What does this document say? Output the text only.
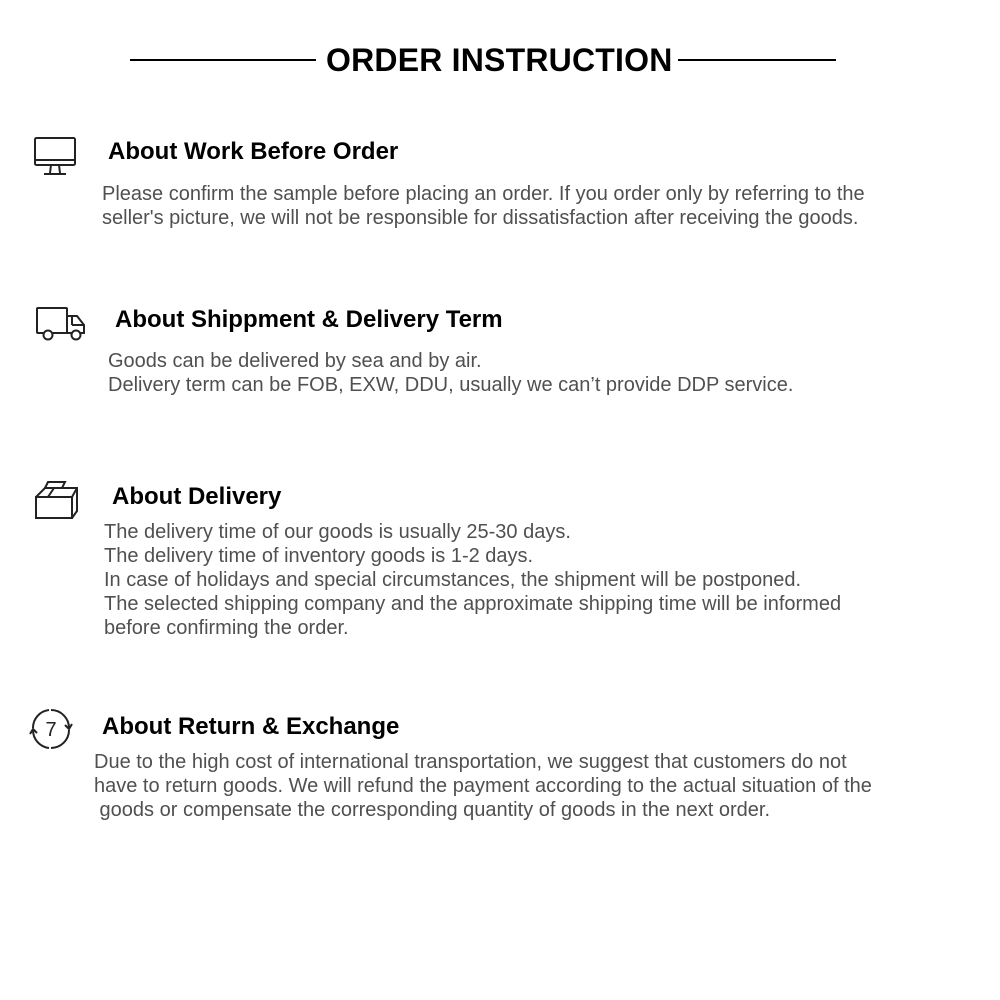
ORDER INSTRUCTION
About Work Before Order
Please confirm the sample before placing an order. If you order only by referring to the
seller's picture, we will not be responsible for dissatisfaction after receiving the goods.
About Shippment & Delivery Term
Goods can be delivered by sea and by air.
Delivery term can be FOB, EXW, DDU, usually we can’t provide DDP service.
About Delivery
The delivery time of our goods is usually 25-30 days.
The delivery time of inventory goods is 1-2 days.
In case of holidays and special circumstances, the shipment will be postponed.
The selected shipping company and the approximate shipping time will be informed
before confirming the order.
7 About Return & Exchange
Due to the high cost of international transportation, we suggest that customers do not
have to return goods. We will refund the payment according to the actual situation of the
goods or compensate the corresponding quantity of goods in the next order.
